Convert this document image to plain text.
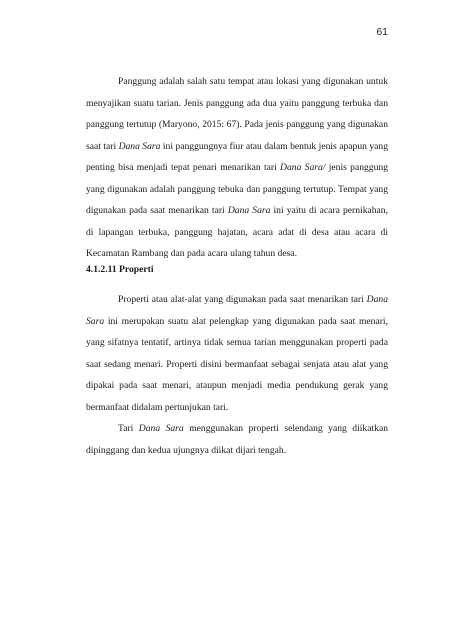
61

Panggung adalah salah satu tempat atau lokasi yang digunakan untuk menyajikan suatu tarian. Jenis panggung ada dua yaitu panggung terbuka dan panggung tertutup (Maryono, 2015: 67). Pada jenis panggung yang digunakan saat tari Dana Sara ini panggungnya fiur atau dalam bentuk jenis apapun yang penting bisa menjadi tepat penari menarikan tari Dana Sara/ jenis panggung yang digunakan adalah panggung tebuka dan panggung tertutup. Tempat yang digunakan pada saat menarikan tari Dana Sara ini yaitu di acara pernikahan, di lapangan terbuka, panggung hajatan, acara adat di desa atau acara di Kecamatan Rambang dan pada acara ulang tahun desa.

4.1.2.11 Properti

Properti atau alat-alat yang digunakan pada saat menarikan tari Dana Sara ini merupakan suatu alat pelengkap yang digunakan pada saat menari, yang sifatnya tentatif, artinya tidak semua tarian menggunakan properti pada saat sedang menari. Properti disini bermanfaat sebagai senjata atau alat yang dipakai pada saat menari, ataupun menjadi media pendukung gerak yang bermanfaat didalam pertunjukan tari.

Tari Dana Sara menggunakan properti selendang yang diikatkan dipinggang dan kedua ujungnya diikat dijari tengah.
